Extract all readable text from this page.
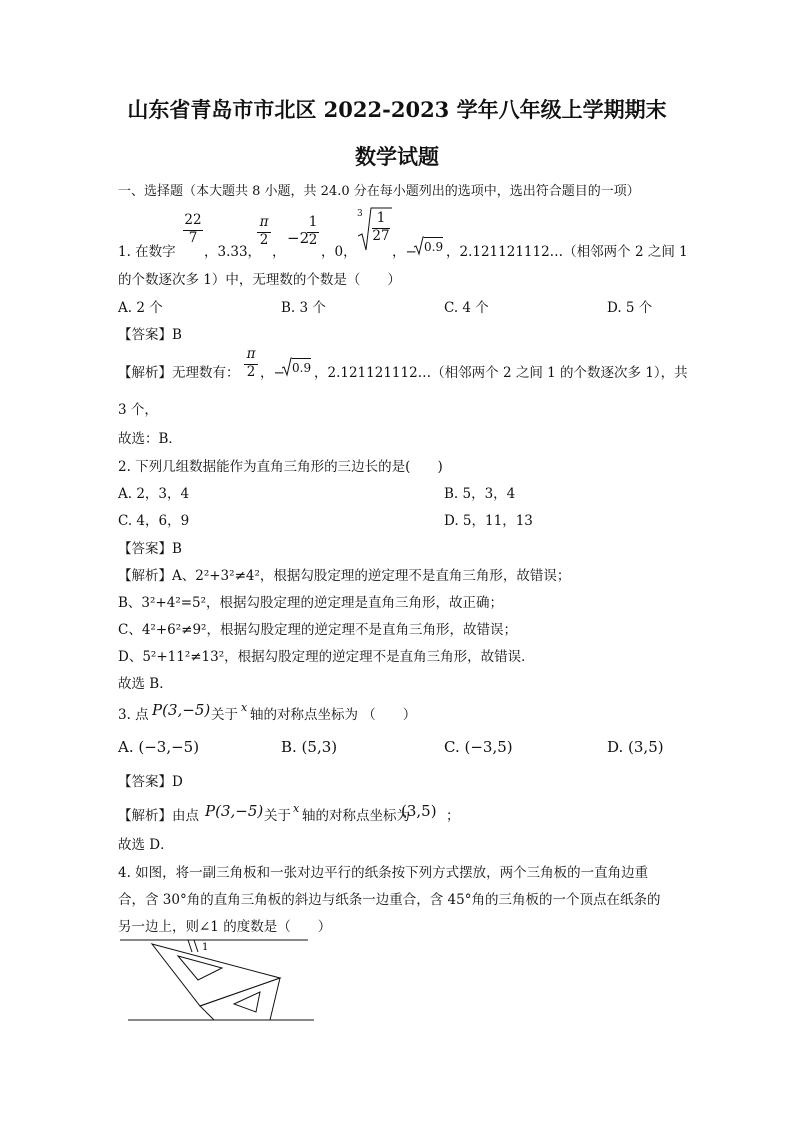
山东省青岛市市北区 2022-2023 学年八年级上学期期末
数学试题
一、选择题（本大题共 8 小题，共 24.0 分在每小题列出的选项中，选出符合题目的一项）
1. 在数字
22
7
，3.33，
π
2
，
−2
1
2
，0，
3	1
27
，− 0.9 ，2.121121112…（相邻两个 2 之间 1
的个数逐次多 1）中，无理数的个数是（　　）
A. 2 个	B. 3 个	C. 4 个	D. 5 个
【答案】B
【解析】无理数有：
π
2 ，− 0.9 ，2.121121112…（相邻两个 2 之间 1 的个数逐次多 1），共
3 个，
故选：B．
2. 下列几组数据能作为直角三角形的三边长的是(　　)
A. 2，3，4	B. 5，3，4
C. 4，6，9	D. 5，11，13
【答案】B
【解析】A、2²+3²≠4²，根据勾股定理的逆定理不是直角三角形，故错误；
B、3²+4²=5²，根据勾股定理的逆定理是直角三角形，故正确；
C、4²+6²≠9²，根据勾股定理的逆定理不是直角三角形，故错误；
D、5²+11²≠13²，根据勾股定理的逆定理不是直角三角形，故错误．
故选 B．
3. 点 P(3,−5) 关于 x 轴的对称点坐标为 （　　）
A. (−3,−5)	B. (5,3)	C. (−3,5)	D. (3,5)
【答案】D
【解析】由点 P(3,−5) 关于 x 轴的对称点坐标为
(3,5) ；
故选 D．
4. 如图，将一副三角板和一张对边平行的纸条按下列方式摆放，两个三角板的一直角边重
合，含 30°角的直角三角板的斜边与纸条一边重合，含 45°角的三角板的一个顶点在纸条的
另一边上，则∠1 的度数是（　　）
1
